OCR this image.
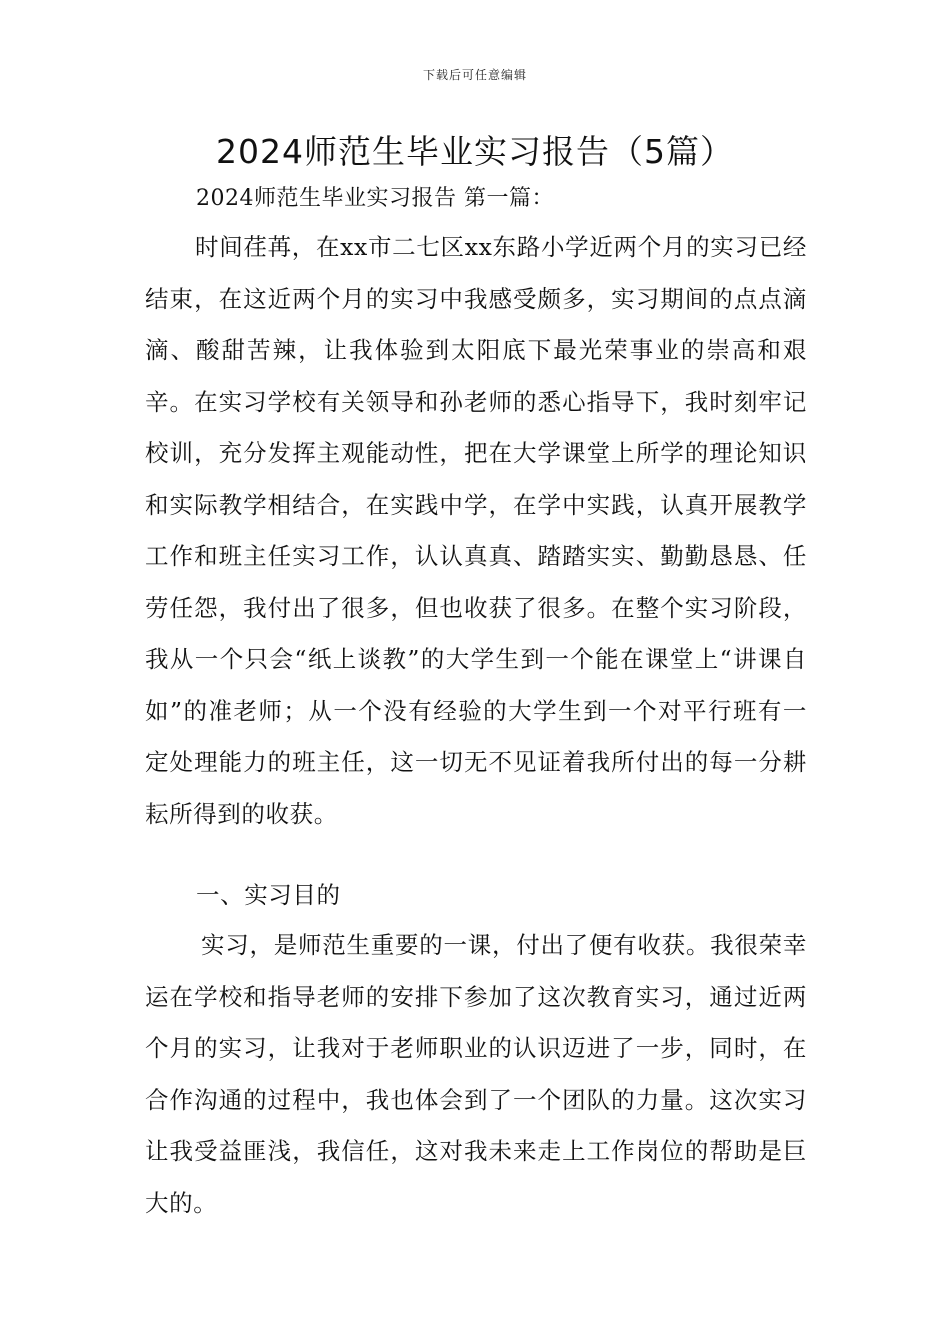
下载后可任意编辑
2024师范生毕业实习报告（5篇）
2024师范生毕业实习报告 第一篇：

时间荏苒，在xx市二七区xx东路小学近两个月的实习已经结束，在这近两个月的实习中我感受颇多，实习期间的点点滴滴、酸甜苦辣，让我体验到太阳底下最光荣事业的崇高和艰辛。在实习学校有关领导和孙老师的悉心指导下，我时刻牢记校训，充分发挥主观能动性，把在大学课堂上所学的理论知识和实际教学相结合，在实践中学，在学中实践，认真开展教学工作和班主任实习工作，认认真真、踏踏实实、勤勤恳恳、任劳任怨，我付出了很多，但也收获了很多。在整个实习阶段，我从一个只会“纸上谈教”的大学生到一个能在课堂上“讲课自如”的准老师；从一个没有经验的大学生到一个对平行班有一定处理能力的班主任，这一切无不见证着我所付出的每一分耕耘所得到的收获。

一、实习目的

实习，是师范生重要的一课，付出了便有收获。我很荣幸运在学校和指导老师的安排下参加了这次教育实习，通过近两个月的实习，让我对于老师职业的认识迈进了一步，同时，在合作沟通的过程中，我也体会到了一个团队的力量。这次实习让我受益匪浅，我信任，这对我未来走上工作岗位的帮助是巨大的。
